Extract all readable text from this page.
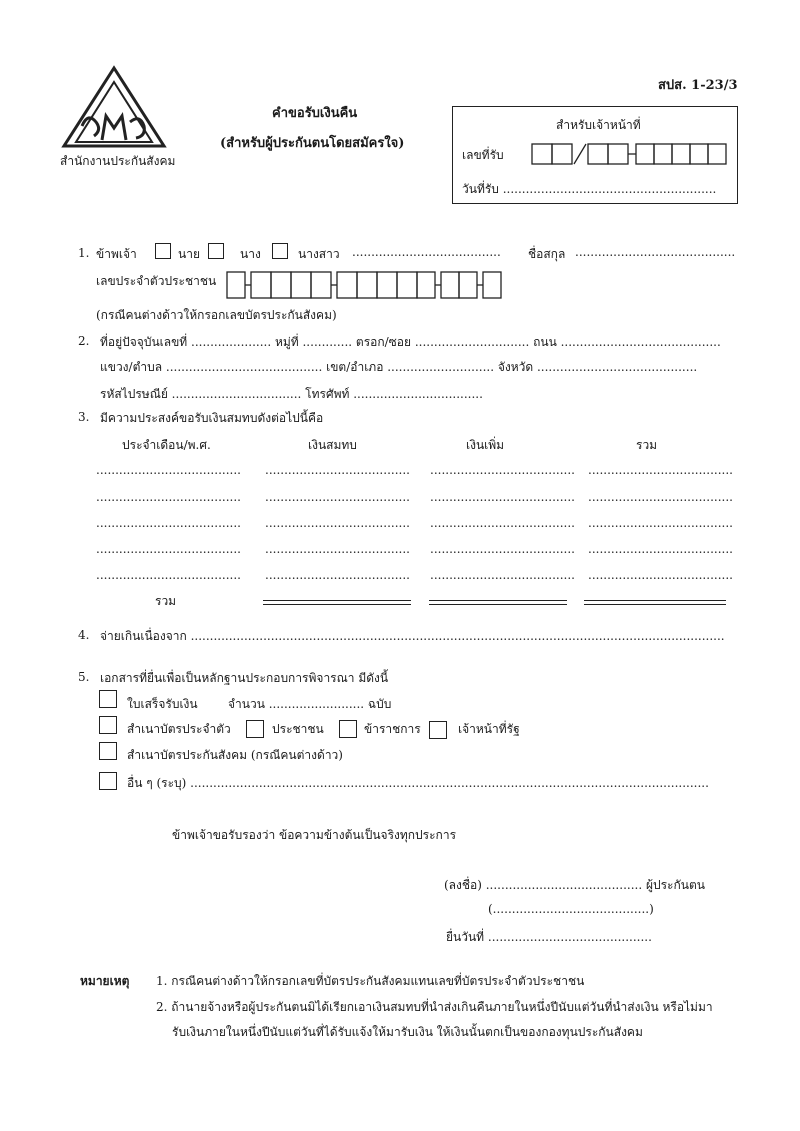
สำนักงานประกันสังคม
สปส. 1-23/3
คำขอรับเงินคืน
(สำหรับผู้ประกันตนโดยสมัครใจ)
สำหรับเจ้าหน้าที่
เลขที่รับ
วันที่รับ ........................................................
1. ข้าพเจ้า	นาย	นาง	นางสาว ....................................... ชื่อสกุล ..........................................
เลขประจำตัวประชาชน
(กรณีคนต่างด้าวให้กรอกเลขบัตรประกันสังคม)
2. ที่อยู่ปัจจุบันเลขที่ ..................... หมู่ที่ ............. ตรอก/ซอย .............................. ถนน ..........................................
แขวง/ตำบล ......................................... เขต/อำเภอ ............................ จังหวัด ..........................................
รหัสไปรษณีย์ .................................. โทรศัพท์ ..................................
3. มีความประสงค์ขอรับเงินสมทบดังต่อไปนี้คือ
ประจำเดือน/พ.ศ.	เงินสมทบ	เงินเพิ่ม	รวม
...................................... ...................................... ...................................... ......................................
...................................... ...................................... ...................................... ......................................
...................................... ...................................... ...................................... ......................................
...................................... ...................................... ...................................... ......................................
...................................... ...................................... ...................................... ......................................
รวม
4. จ่ายเกินเนื่องจาก ............................................................................................................................................
5. เอกสารที่ยื่นเพื่อเป็นหลักฐานประกอบการพิจารณา มีดังนี้
ใบเสร็จรับเงิน	จำนวน ......................... ฉบับ
สำเนาบัตรประจำตัว	ประชาชน	ข้าราชการ	เจ้าหน้าที่รัฐ
สำเนาบัตรประกันสังคม (กรณีคนต่างด้าว)
อื่น ๆ (ระบุ) ........................................................................................................................................
ข้าพเจ้าขอรับรองว่า ข้อความข้างต้นเป็นจริงทุกประการ
(ลงชื่อ) ......................................... ผู้ประกันตน
(.........................................)
ยื่นวันที่ ...........................................
หมายเหตุ 1. กรณีคนต่างด้าวให้กรอกเลขที่บัตรประกันสังคมแทนเลขที่บัตรประจำตัวประชาชน
2. ถ้านายจ้างหรือผู้ประกันตนมิได้เรียกเอาเงินสมทบที่นำส่งเกินคืนภายในหนึ่งปีนับแต่วันที่นำส่งเงิน หรือไม่มา
รับเงินภายในหนึ่งปีนับแต่วันที่ได้รับแจ้งให้มารับเงิน ให้เงินนั้นตกเป็นของกองทุนประกันสังคม
